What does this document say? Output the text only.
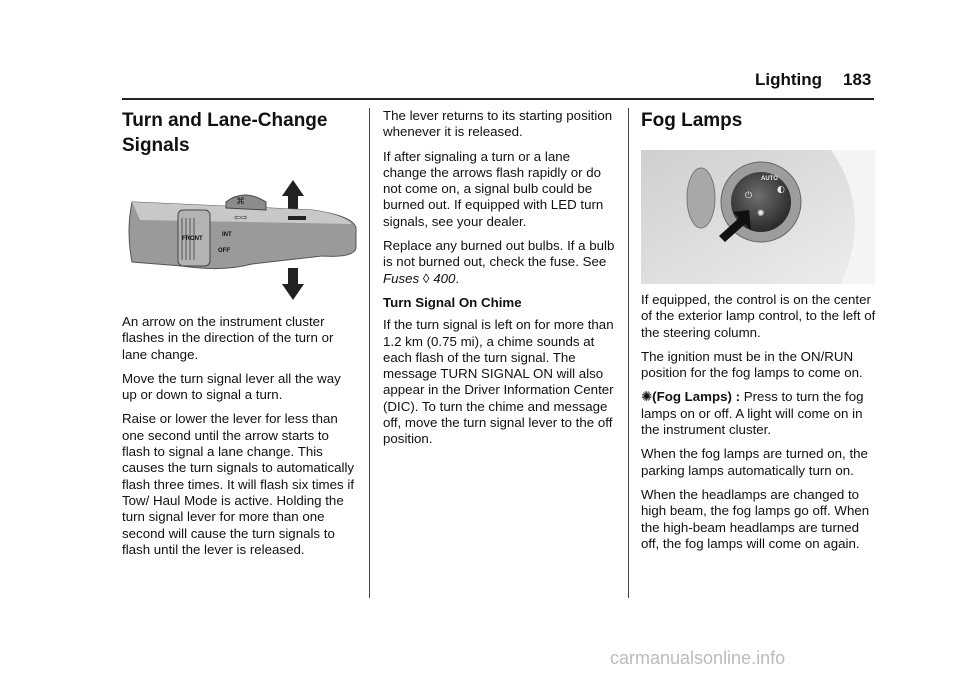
Lighting 183
Turn and Lane-Change
Signals
⌘
FRONT
INT
OFF
⇦⇨

An arrow on the instrument cluster flashes in the direction of the turn or lane change.

Move the turn signal lever all the way up or down to signal a turn.

Raise or lower the lever for less than one second until the arrow starts to flash to signal a lane change. This causes the turn signals to automatically flash three times. It will flash six times if Tow/ Haul Mode is active. Holding the turn signal lever for more than one second will cause the turn signals to flash until the lever is released.

The lever returns to its starting position whenever it is released.

If after signaling a turn or a lane change the arrows flash rapidly or do not come on, a signal bulb could be burned out. If equipped with LED turn signals, see your dealer.

Replace any burned out bulbs. If a bulb is not burned out, check the fuse. See Fuses ◊ 400.

Turn Signal On Chime

If the turn signal is left on for more than 1.2 km (0.75 mi), a chime sounds at each flash of the turn signal. The message TURN SIGNAL ON will also appear in the Driver Information Center (DIC). To turn the chime and message off, move the turn signal lever to the off position.

Fog Lamps
AUTO
⏻
◐
✺

If equipped, the control is on the center of the exterior lamp control, to the left of the steering column.

The ignition must be in the ON/RUN position for the fog lamps to come on.

✺(Fog Lamps) : Press to turn the fog lamps on or off. A light will come on in the instrument cluster.

When the fog lamps are turned on, the parking lamps automatically turn on.

When the headlamps are changed to high beam, the fog lamps go off. When the high-beam headlamps are turned off, the fog lamps will come on again.

carmanualsonline.info
